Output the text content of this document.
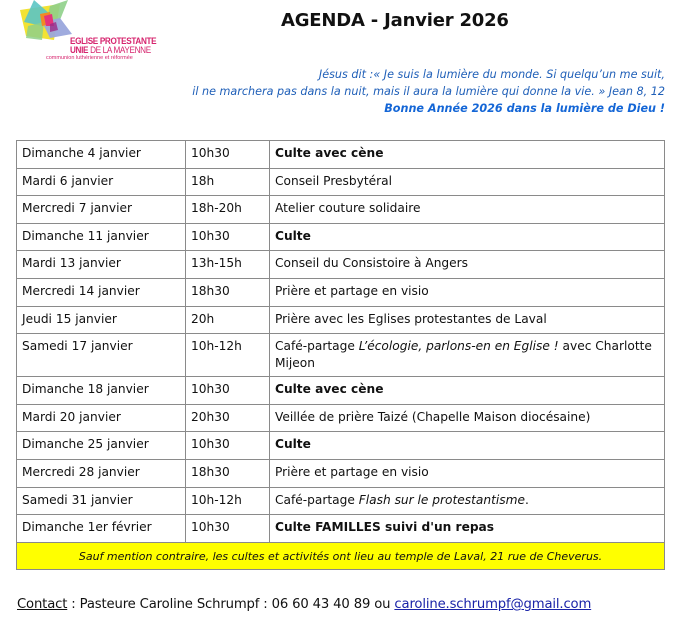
EGLISE PROTESTANTE
UNIE DE LA MAYENNE
communion luthérienne et réformée
AGENDA - Janvier 2026
Jésus dit :« Je suis la lumière du monde. Si quelqu’un me suit,
il ne marchera pas dans la nuit, mais il aura la lumière qui donne la vie. » Jean 8, 12
Bonne Année 2026 dans la lumière de Dieu !
Dimanche 4 janvier	10h30	Culte avec cène
Mardi 6 janvier	18h	Conseil Presbytéral
Mercredi 7 janvier	18h-20h	Atelier couture solidaire
Dimanche 11 janvier	10h30	Culte
Mardi 13 janvier	13h-15h	Conseil du Consistoire à Angers
Mercredi 14 janvier	18h30	Prière et partage en visio
Jeudi 15 janvier	20h	Prière avec les Eglises protestantes de Laval
Samedi 17 janvier	10h-12h	Café-partage L’écologie, parlons-en en Eglise ! avec Charlotte Mijeon
Dimanche 18 janvier	10h30	Culte avec cène
Mardi 20 janvier	20h30	Veillée de prière Taizé (Chapelle Maison diocésaine)
Dimanche 25 janvier	10h30	Culte
Mercredi 28 janvier	18h30	Prière et partage en visio
Samedi 31 janvier	10h-12h	Café-partage Flash sur le protestantisme.
Dimanche 1er février	10h30	Culte FAMILLES suivi d'un repas
Sauf mention contraire, les cultes et activités ont lieu au temple de Laval, 21 rue de Cheverus.		
Contact : Pasteure Caroline Schrumpf : 06 60 43 40 89 ou caroline.schrumpf@gmail.com
